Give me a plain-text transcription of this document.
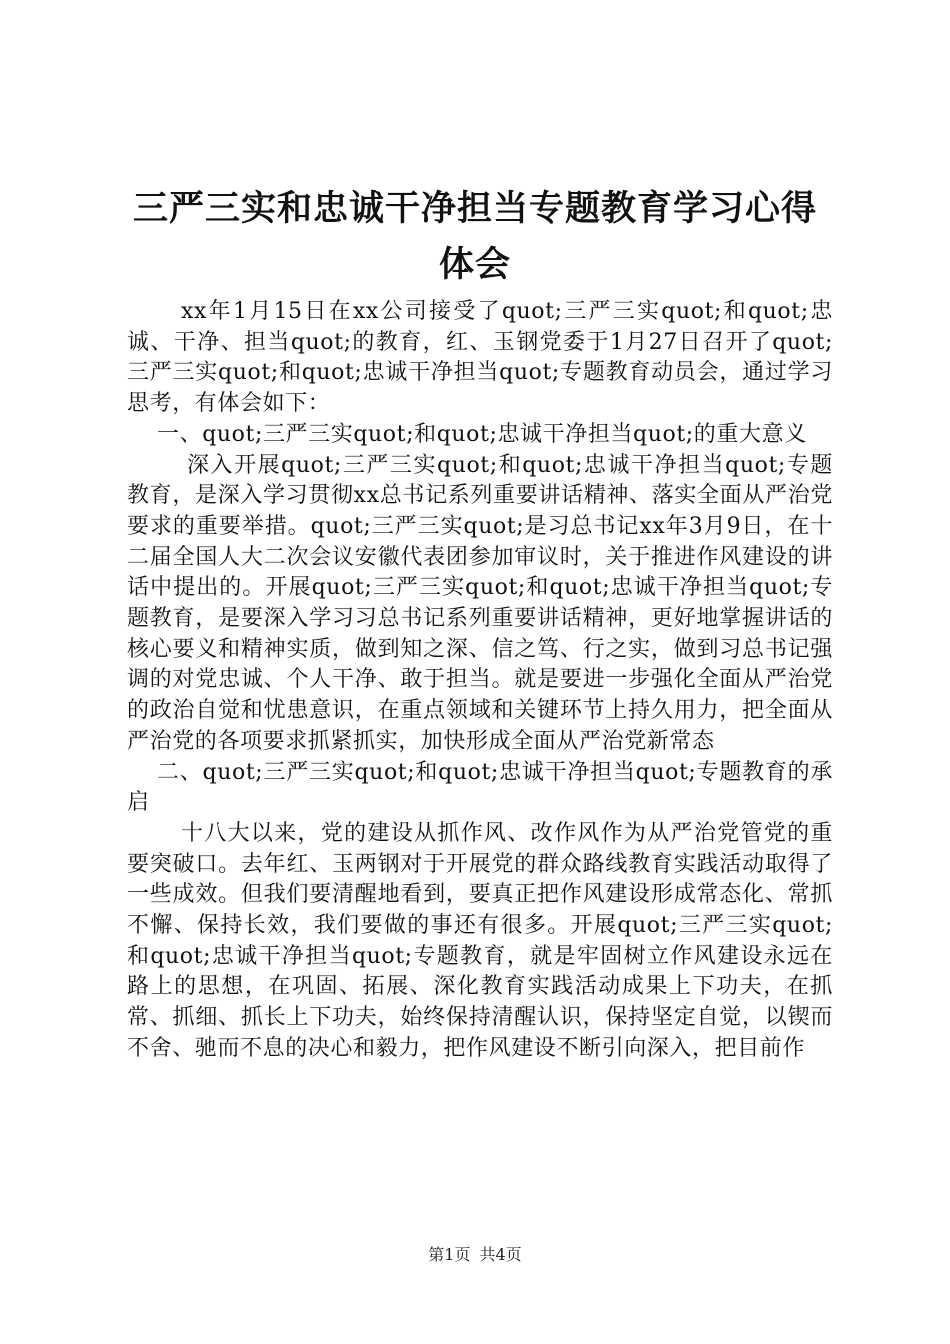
三严三实和忠诚干净担当专题教育学习心得体会

xx年1月15日在xx公司接受了quot;三严三实quot;和quot;忠诚、干净、担当quot;的教育，红、玉钢党委于1月27日召开了quot;三严三实quot;和quot;忠诚干净担当quot;专题教育动员会，通过学习思考，有体会如下：

一、quot;三严三实quot;和quot;忠诚干净担当quot;的重大意义

深入开展quot;三严三实quot;和quot;忠诚干净担当quot;专题教育，是深入学习贯彻xx总书记系列重要讲话精神、落实全面从严治党要求的重要举措。quot;三严三实quot;是习总书记xx年3月9日，在十二届全国人大二次会议安徽代表团参加审议时，关于推进作风建设的讲话中提出的。开展quot;三严三实quot;和quot;忠诚干净担当quot;专题教育，是要深入学习习总书记系列重要讲话精神，更好地掌握讲话的核心要义和精神实质，做到知之深、信之笃、行之实，做到习总书记强调的对党忠诚、个人干净、敢于担当。就是要进一步强化全面从严治党的政治自觉和忧患意识，在重点领域和关键环节上持久用力，把全面从严治党的各项要求抓紧抓实，加快形成全面从严治党新常态

二、quot;三严三实quot;和quot;忠诚干净担当quot;专题教育的承启

十八大以来，党的建设从抓作风、改作风作为从严治党管党的重要突破口。去年红、玉两钢对于开展党的群众路线教育实践活动取得了一些成效。但我们要清醒地看到，要真正把作风建设形成常态化、常抓不懈、保持长效，我们要做的事还有很多。开展quot;三严三实quot;和quot;忠诚干净担当quot;专题教育，就是牢固树立作风建设永远在路上的思想，在巩固、拓展、深化教育实践活动成果上下功夫，在抓常、抓细、抓长上下功夫，始终保持清醒认识，保持坚定自觉，以锲而不舍、驰而不息的决心和毅力，把作风建设不断引向深入，把目前作

第1页 共4页
